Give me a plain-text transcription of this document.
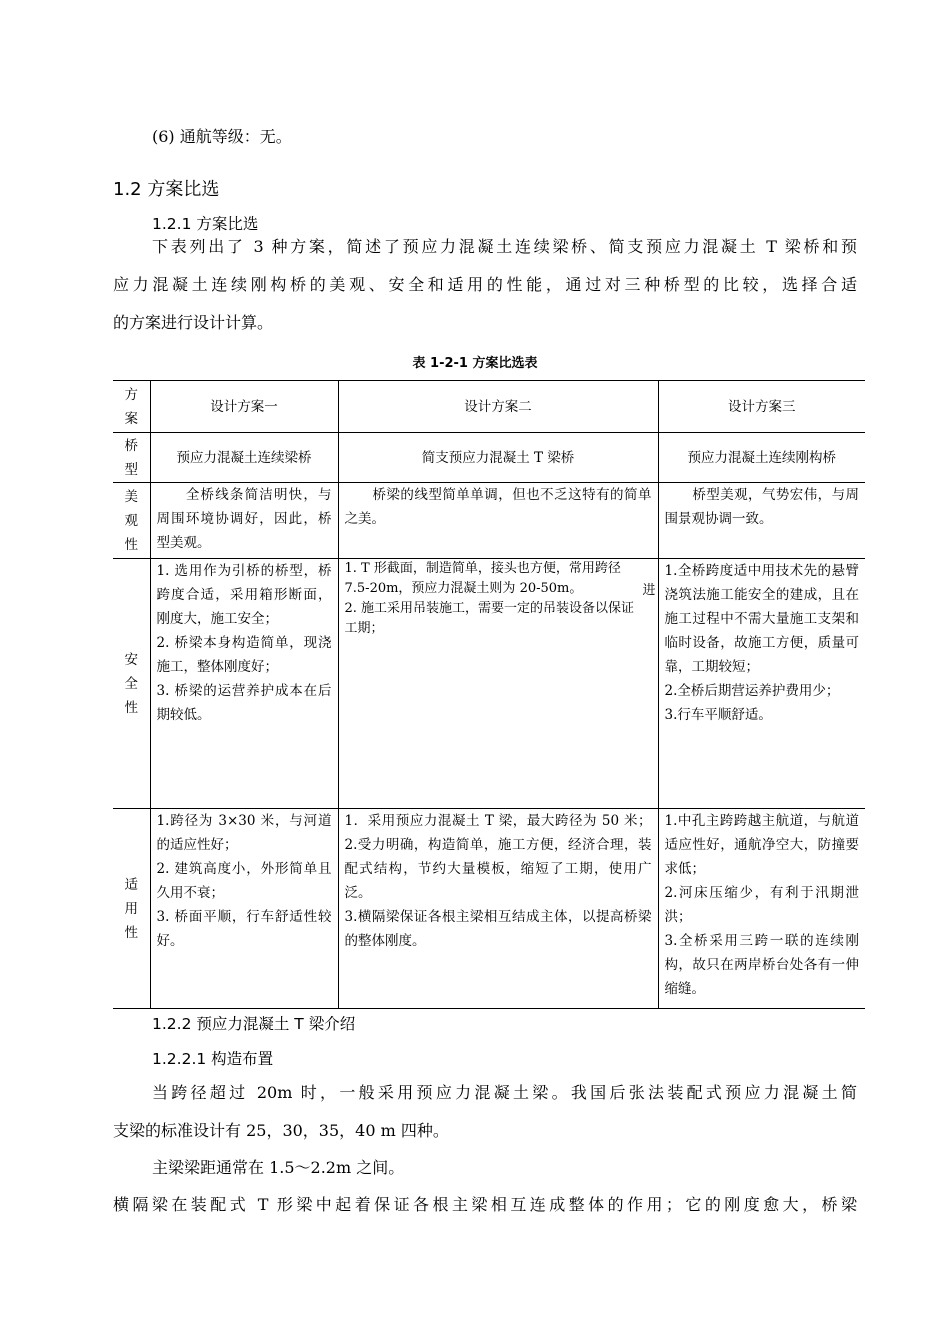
(6) 通航等级：无。
1.2 方案比选
1.2.1 方案比选
下表列出了 3 种方案，简述了预应力混凝土连续梁桥、简支预应力混凝土 T 梁桥和预
应力混凝土连续刚构桥的美观、安全和适用的性能，通过对三种桥型的比较，选择合适
的方案进行设计计算。
表 1-2-1 方案比选表
方
案	设计方案一	设计方案二	设计方案三
桥
型	预应力混凝土连续梁桥	简支预应力混凝土 T 梁桥	预应力混凝土连续刚构桥
美
观
性	　　全桥线条简洁明快，与周围环境协调好，因此，桥型美观。	　　桥梁的线型简单单调，但也不乏这特有的简单之美。	　　桥型美观，气势宏伟，与周围景观协调一致。
安
全
性	1. 选用作为引桥的桥型，桥跨度合适，采用箱形断面，刚度大，施工安全；
2. 桥梁本身构造简单，现浇施工，整体刚度好；
3. 桥梁的运营养护成本在后期较低。	1. T 形截面，制造简单，接头也方便，常用跨径 7.5-20m，预应力混凝土则为 20-50m。
2. 施工采用吊装施工，需要一定的吊装设备以保证工期；
进	1.全桥跨度适中用技术先的悬臂浇筑法施工能安全的建成，且在施工过程中不需大量施工支架和临时设备，故施工方便，质量可靠，工期较短；
2.全桥后期营运养护费用少；
3.行车平顺舒适。
适
用
性	1.跨径为 3×30 米，与河道的适应性好；
2. 建筑高度小，外形简单且久用不衰；
3. 桥面平顺，行车舒适性较好。	1．采用预应力混凝土 T 梁，最大跨径为 50 米；2.受力明确，构造简单，施工方便，经济合理，装配式结构，节约大量模板，缩短了工期，使用广泛。
3.横隔梁保证各根主梁相互结成主体，以提高桥梁的整体刚度。	1.中孔主跨跨越主航道，与航道适应性好，通航净空大，防撞要求低；
2.河床压缩少，有利于汛期泄洪；
3.全桥采用三跨一联的连续刚构，故只在两岸桥台处各有一伸缩缝。
1.2.2 预应力混凝土 T 梁介绍
1.2.2.1 构造布置
当跨径超过 20m 时，一般采用预应力混凝土梁。我国后张法装配式预应力混凝土简
支梁的标准设计有 25，30，35，40 m 四种。
主梁梁距通常在 1.5～2.2m 之间。
横隔梁在装配式 T 形梁中起着保证各根主梁相互连成整体的作用；它的刚度愈大，桥梁
